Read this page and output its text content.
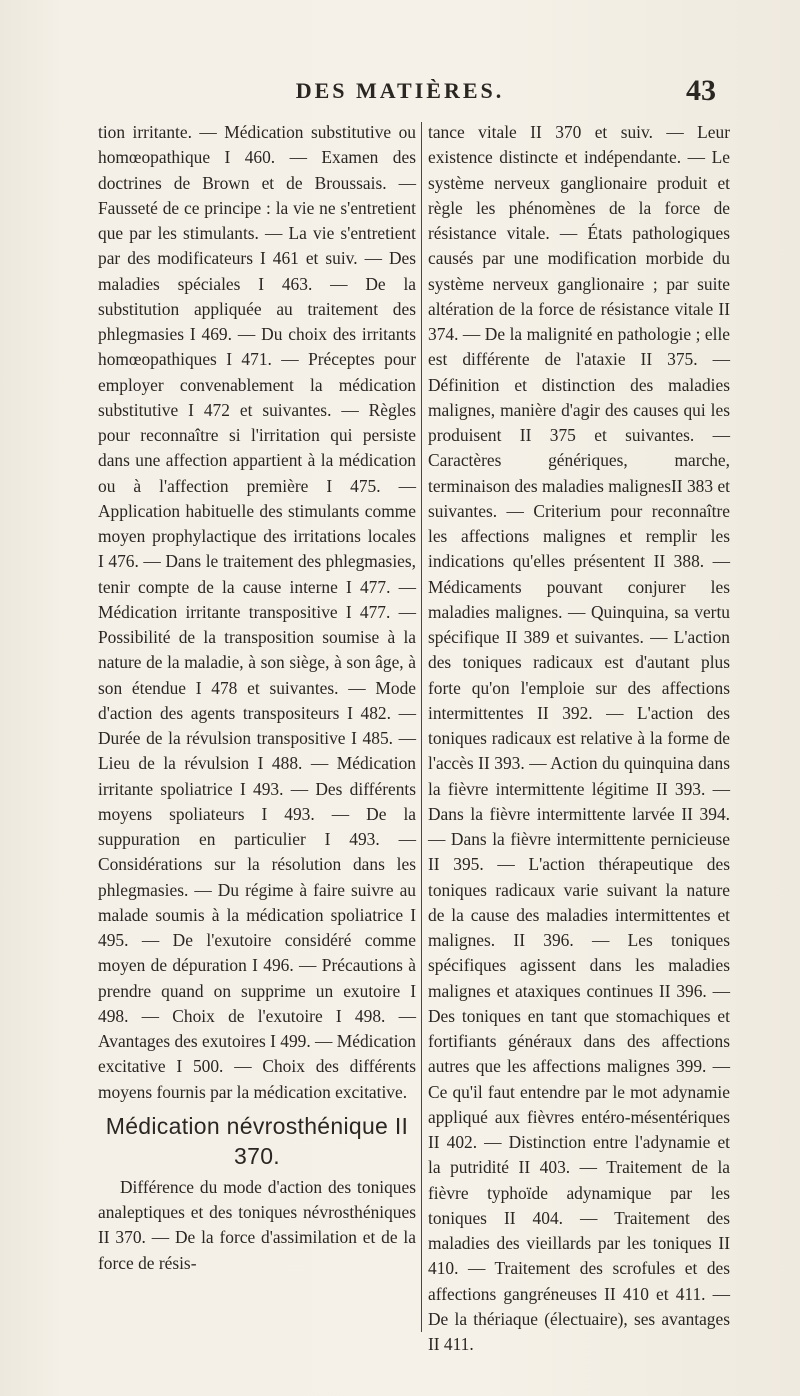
DES MATIÈRES.	43

tion irritante. — Médication substitutive ou homœopathique I 460. — Examen des doctrines de Brown et de Broussais. — Fausseté de ce principe : la vie ne s'entretient que par les stimulants. — La vie s'entretient par des modificateurs I 461 et suiv. — Des maladies spéciales I 463. — De la substitution appliquée au traitement des phlegmasies I 469. — Du choix des irritants homœopathiques I 471. — Préceptes pour employer convenablement la médication substitutive I 472 et suivantes. — Règles pour reconnaître si l'irritation qui persiste dans une affection appartient à la médication ou à l'affection première I 475. — Application habituelle des stimulants comme moyen prophylactique des irritations locales I 476. — Dans le traitement des phlegmasies, tenir compte de la cause interne I 477. — Médication irritante transpositive I 477. — Possibilité de la transposition soumise à la nature de la maladie, à son siège, à son âge, à son étendue I 478 et suivantes. — Mode d'action des agents transpositeurs I 482. — Durée de la révulsion transpositive I 485. — Lieu de la révulsion I 488. — Médication irritante spoliatrice I 493. — Des différents moyens spoliateurs I 493. — De la suppuration en particulier I 493. — Considérations sur la résolution dans les phlegmasies. — Du régime à faire suivre au malade soumis à la médication spoliatrice I 495. — De l'exutoire considéré comme moyen de dépuration I 496. — Précautions à prendre quand on supprime un exutoire I 498. — Choix de l'exutoire I 498. — Avantages des exutoires I 499. — Médication excitative I 500. — Choix des différents moyens fournis par la médication excitative.

Médication névrosthénique II
370.

Différence du mode d'action des toniques analeptiques et des toniques névrosthéniques II 370. — De la force d'assimilation et de la force de résis-

tance vitale II 370 et suiv. — Leur existence distincte et indépendante. — Le système nerveux ganglionaire produit et règle les phénomènes de la force de résistance vitale. — États pathologiques causés par une modification morbide du système nerveux ganglionaire ; par suite altération de la force de résistance vitale II 374. — De la malignité en pathologie ; elle est différente de l'ataxie II 375. — Définition et distinction des maladies malignes, manière d'agir des causes qui les produisent II 375 et suivantes. — Caractères génériques, marche, terminaison des maladies malignesII 383 et suivantes. — Criterium pour reconnaître les affections malignes et remplir les indications qu'elles présentent II 388. — Médicaments pouvant conjurer les maladies malignes. — Quinquina, sa vertu spécifique II 389 et suivantes. — L'action des toniques radicaux est d'autant plus forte qu'on l'emploie sur des affections intermittentes II 392. — L'action des toniques radicaux est relative à la forme de l'accès II 393. — Action du quinquina dans la fièvre intermittente légitime II 393. — Dans la fièvre intermittente larvée II 394. — Dans la fièvre intermittente pernicieuse II 395. — L'action thérapeutique des toniques radicaux varie suivant la nature de la cause des maladies intermittentes et malignes. II 396. — Les toniques spécifiques agissent dans les maladies malignes et ataxiques continues II 396. — Des toniques en tant que stomachiques et fortifiants généraux dans des affections autres que les affections malignes 399. — Ce qu'il faut entendre par le mot adynamie appliqué aux fièvres entéro-mésentériques II 402. — Distinction entre l'adynamie et la putridité II 403. — Traitement de la fièvre typhoïde adynamique par les toniques II 404. — Traitement des maladies des vieillards par les toniques II 410. — Traitement des scrofules et des affections gangréneuses II 410 et 411. — De la thériaque (électuaire), ses avantages II 411.
